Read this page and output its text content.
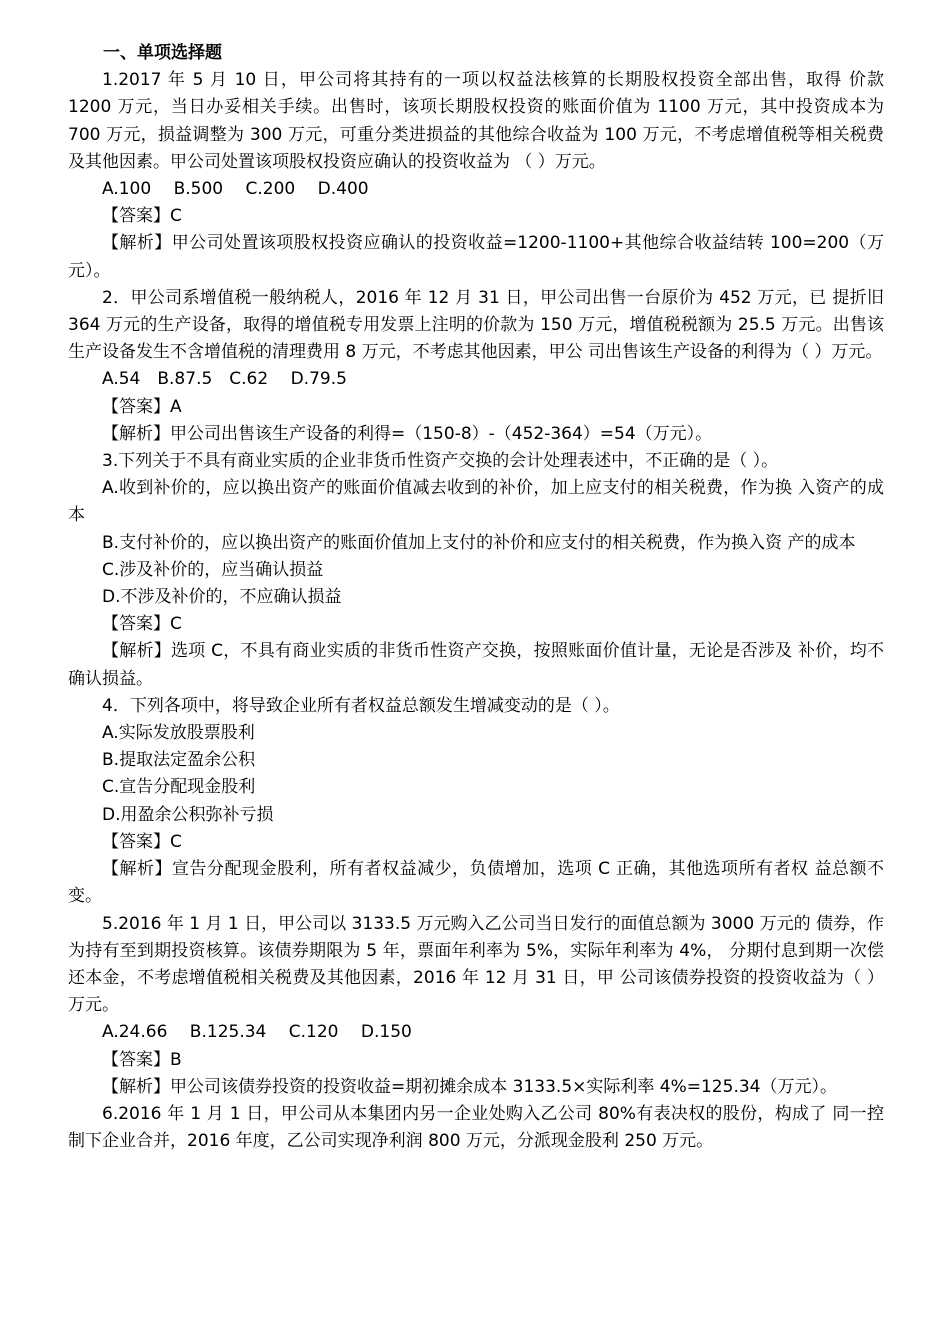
一、单项选择题

1.2017 年 5 月 10 日，甲公司将其持有的一项以权益法核算的长期股权投资全部出售，取得 价款 1200 万元，当日办妥相关手续。出售时，该项长期股权投资的账面价值为 1100 万元，其中投资成本为 700 万元，损益调整为 300 万元，可重分类进损益的其他综合收益为 100 万元，不考虑增值税等相关税费及其他因素。甲公司处置该项股权投资应确认的投资收益为 （ ）万元。

A.100　 B.500　 C.200　 D.400

【答案】C

【解析】甲公司处置该项股权投资应确认的投资收益=1200-1100+其他综合收益结转 100=200（万元）。

2．甲公司系增值税一般纳税人，2016 年 12 月 31 日，甲公司出售一台原价为 452 万元，已 提折旧 364 万元的生产设备，取得的增值税专用发票上注明的价款为 150 万元，增值税税额为 25.5 万元。出售该生产设备发生不含增值税的清理费用 8 万元，不考虑其他因素，甲公 司出售该生产设备的利得为（ ）万元。

A.54　B.87.5　C.62　 D.79.5

【答案】A

【解析】甲公司出售该生产设备的利得=（150-8）-（452-364）=54（万元）。

3.下列关于不具有商业实质的企业非货币性资产交换的会计处理表述中，不正确的是（ ）。

A.收到补价的，应以换出资产的账面价值减去收到的补价，加上应支付的相关税费，作为换 入资产的成本

B.支付补价的，应以换出资产的账面价值加上支付的补价和应支付的相关税费，作为换入资 产的成本

C.涉及补价的，应当确认损益

D.不涉及补价的，不应确认损益

【答案】C

【解析】选项 C，不具有商业实质的非货币性资产交换，按照账面价值计量，无论是否涉及 补价，均不确认损益。

4．下列各项中，将导致企业所有者权益总额发生增减变动的是（ ）。

A.实际发放股票股利

B.提取法定盈余公积

C.宣告分配现金股利

D.用盈余公积弥补亏损

【答案】C

【解析】宣告分配现金股利，所有者权益减少，负债增加，选项 C 正确，其他选项所有者权 益总额不变。

5.2016 年 1 月 1 日，甲公司以 3133.5 万元购入乙公司当日发行的面值总额为 3000 万元的 债券，作为持有至到期投资核算。该债券期限为 5 年，票面年利率为 5%，实际年利率为 4%， 分期付息到期一次偿还本金，不考虑增值税相关税费及其他因素，2016 年 12 月 31 日，甲 公司该债券投资的投资收益为（ ）万元。

A.24.66　 B.125.34　 C.120　 D.150

【答案】B

【解析】甲公司该债券投资的投资收益=期初摊余成本 3133.5×实际利率 4%=125.34（万元）。

6.2016 年 1 月 1 日，甲公司从本集团内另一企业处购入乙公司 80%有表决权的股份，构成了 同一控制下企业合并，2016 年度，乙公司实现净利润 800 万元，分派现金股利 250 万元。
